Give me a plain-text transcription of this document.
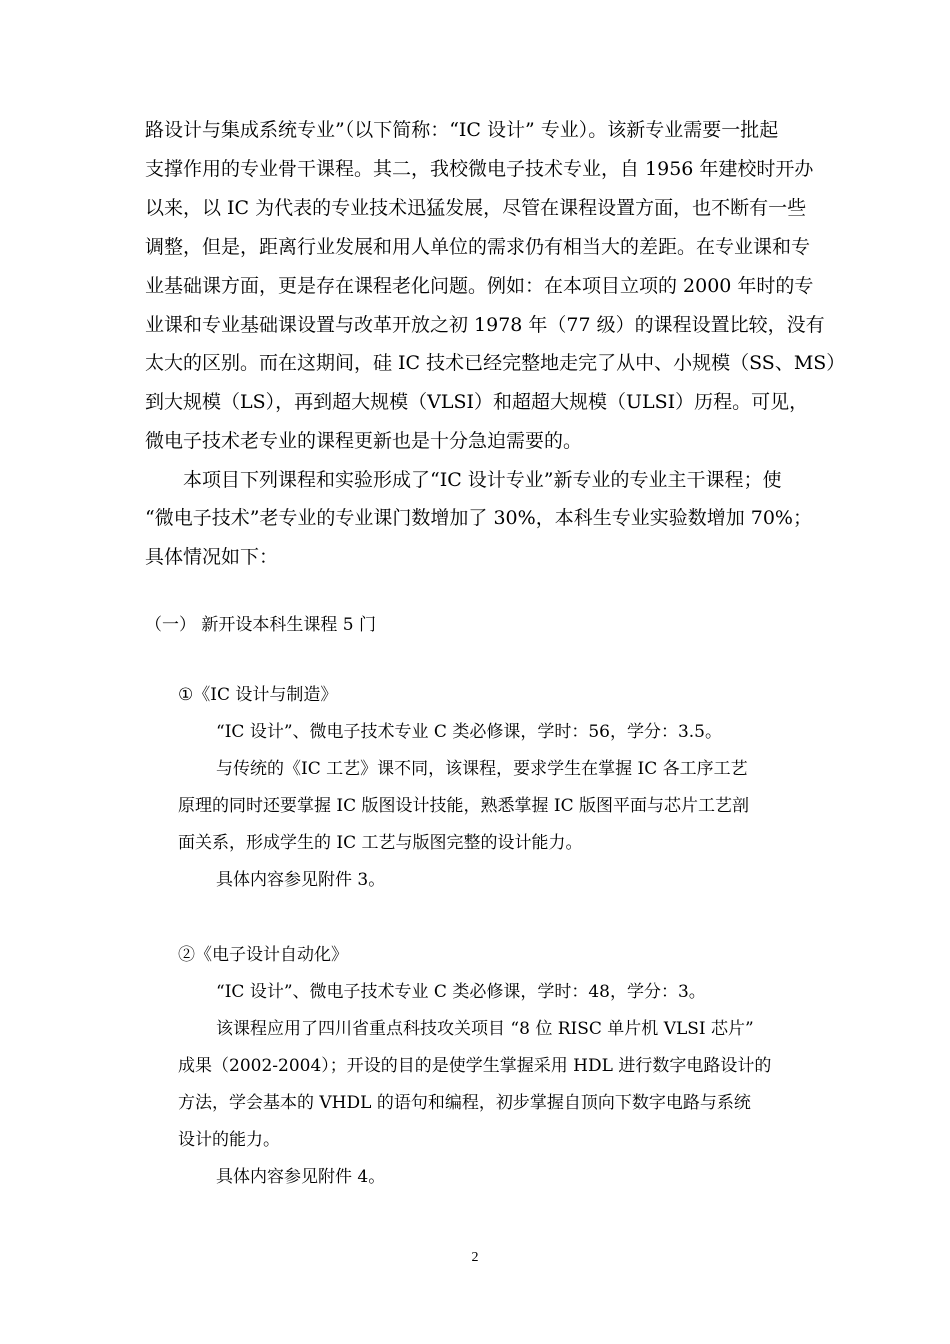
路设计与集成系统专业”（以下简称：“IC 设计” 专业）。该新专业需要一批起
支撑作用的专业骨干课程。其二，我校微电子技术专业，自 1956 年建校时开办
以来，以 IC 为代表的专业技术迅猛发展，尽管在课程设置方面，也不断有一些
调整，但是，距离行业发展和用人单位的需求仍有相当大的差距。在专业课和专
业基础课方面，更是存在课程老化问题。例如：在本项目立项的 2000 年时的专
业课和专业基础课设置与改革开放之初 1978 年（77 级）的课程设置比较，没有
太大的区别。而在这期间，硅 IC 技术已经完整地走完了从中、小规模（SS、MS）
到大规模（LS），再到超大规模（VLSI）和超超大规模（ULSI）历程。可见，
微电子技术老专业的课程更新也是十分急迫需要的。
本项目下列课程和实验形成了“IC 设计专业”新专业的专业主干课程；使
“微电子技术”老专业的专业课门数增加了 30%，本科生专业实验数增加 70%；
具体情况如下：
（一） 新开设本科生课程 5 门
①《IC 设计与制造》
“IC 设计”、微电子技术专业 C 类必修课，学时：56，学分：3.5。
与传统的《IC 工艺》课不同，该课程，要求学生在掌握 IC 各工序工艺
原理的同时还要掌握 IC 版图设计技能，熟悉掌握 IC 版图平面与芯片工艺剖
面关系，形成学生的 IC 工艺与版图完整的设计能力。
具体内容参见附件 3。
②《电子设计自动化》
“IC 设计”、微电子技术专业 C 类必修课，学时：48，学分：3。
该课程应用了四川省重点科技攻关项目 “8 位 RISC 单片机 VLSI 芯片”
成果（2002-2004）；开设的目的是使学生掌握采用 HDL 进行数字电路设计的
方法，学会基本的 VHDL 的语句和编程，初步掌握自顶向下数字电路与系统
设计的能力。
具体内容参见附件 4。
2
